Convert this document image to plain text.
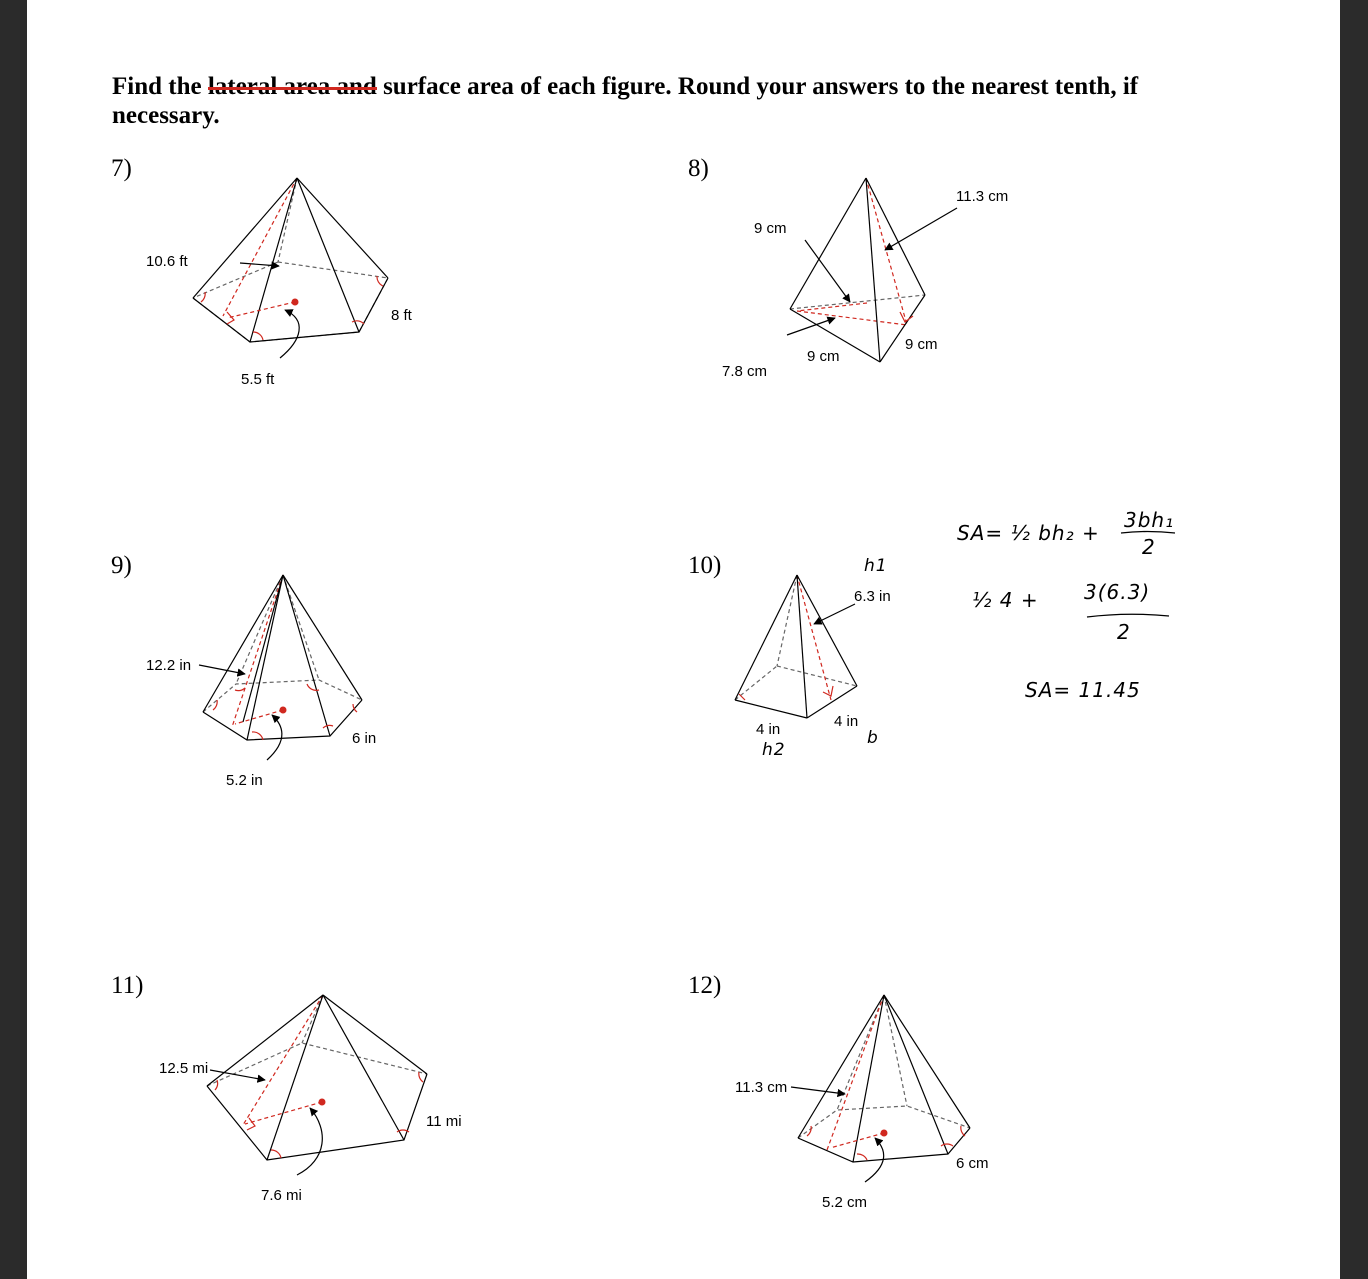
Find the lateral area and surface area of each figure. Round your answers to the nearest tenth, if necessary.

7)	8)
9)	10)
11)	12)
10.6 ft
5.5 ft
8 ft
11.3 cm
9 cm
9 cm
9 cm
7.8 cm
12.2 in
5.2 in
6 in
6.3 in
4 in	4 in
12.5 mi
7.6 mi
11 mi
11.3 cm
5.2 cm
6 cm
h1
h2
b
SA= ½ bh₂ +
3bh₁
2
½ 4 + 3(6.3)
2
SA= 11.45
